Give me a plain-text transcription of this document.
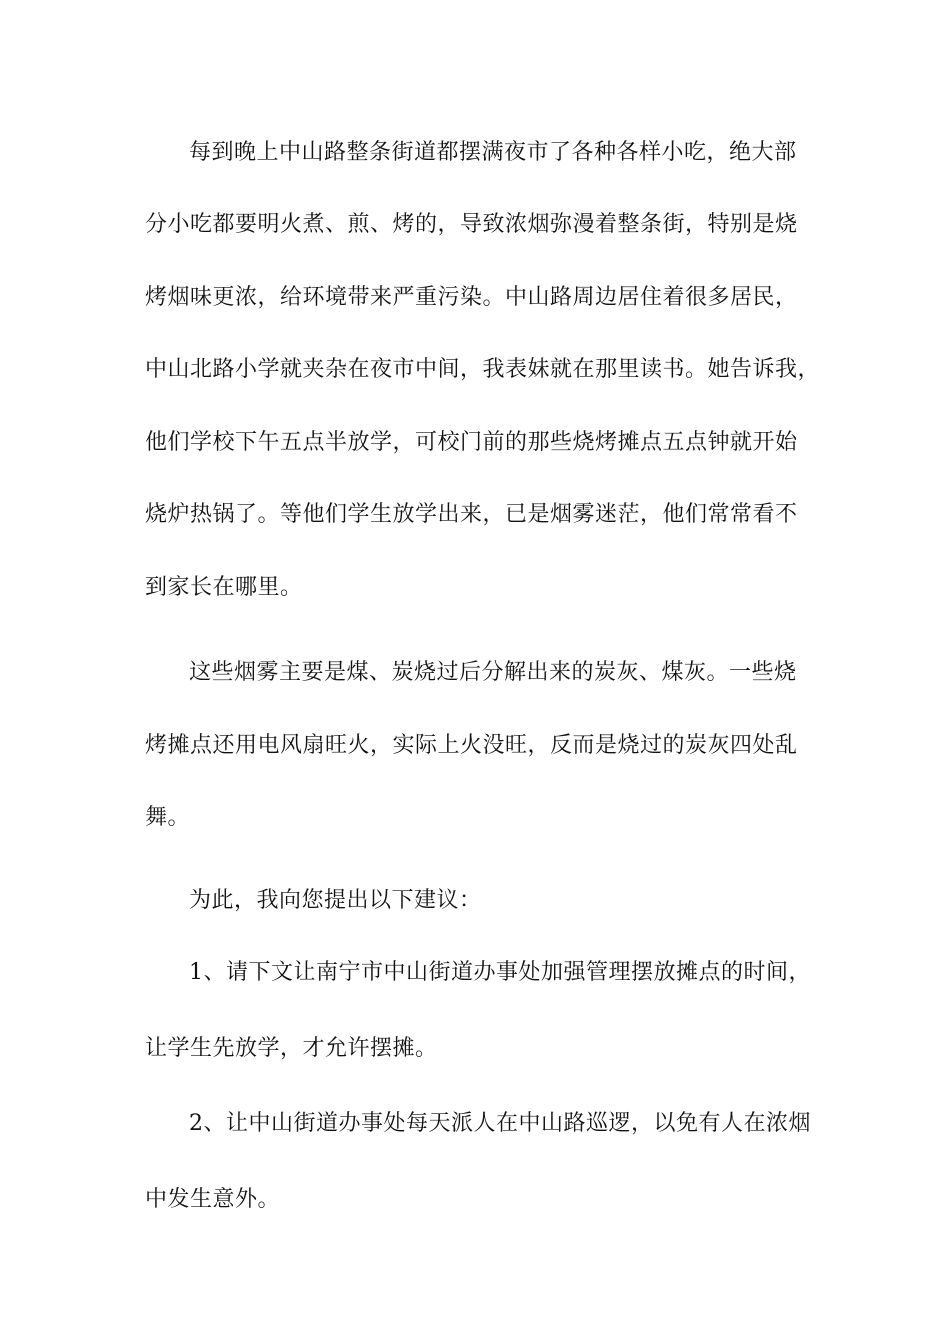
每到晚上中山路整条街道都摆满夜市了各种各样小吃，绝大部
分小吃都要明火煮、煎、烤的，导致浓烟弥漫着整条街，特别是烧
烤烟味更浓，给环境带来严重污染。中山路周边居住着很多居民，
中山北路小学就夹杂在夜市中间，我表妹就在那里读书。她告诉我，
他们学校下午五点半放学，可校门前的那些烧烤摊点五点钟就开始
烧炉热锅了。等他们学生放学出来，已是烟雾迷茫，他们常常看不
到家长在哪里。
这些烟雾主要是煤、炭烧过后分解出来的炭灰、煤灰。一些烧
烤摊点还用电风扇旺火，实际上火没旺，反而是烧过的炭灰四处乱
舞。
为此，我向您提出以下建议：
1、请下文让南宁市中山街道办事处加强管理摆放摊点的时间，
让学生先放学，才允许摆摊。
2、让中山街道办事处每天派人在中山路巡逻，以免有人在浓烟
中发生意外。
